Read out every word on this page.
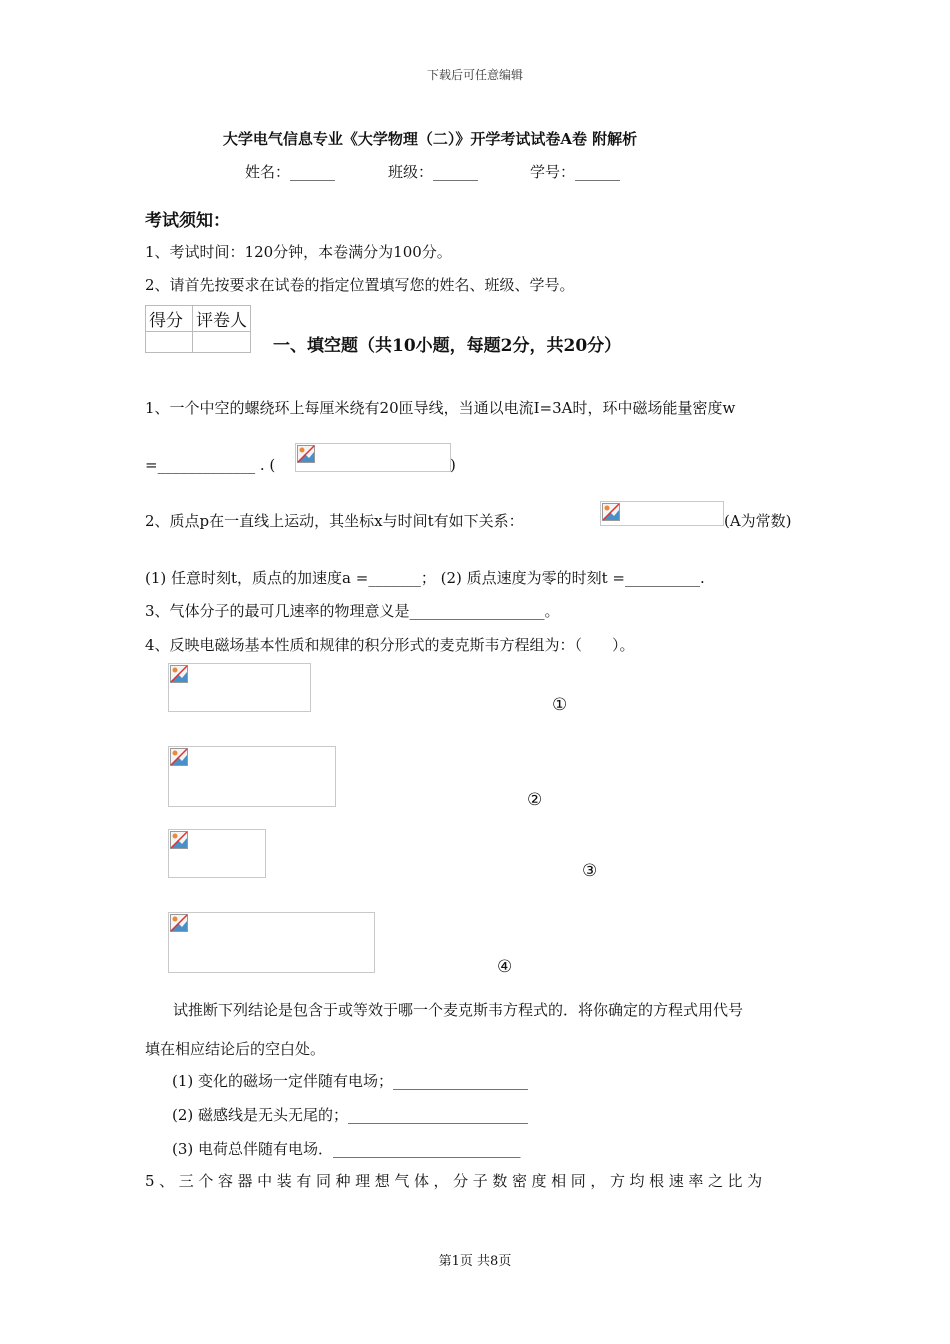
下载后可任意编辑
大学电气信息专业《大学物理（二）》开学考试试卷A卷 附解析
姓名：______	班级：______	学号：______
考试须知：
1、考试时间：120分钟，本卷满分为100分。
2、请首先按要求在试卷的指定位置填写您的姓名、班级、学号。
得分	评卷人

一、填空题（共10小题，每题2分，共20分）
1、一个中空的螺绕环上每厘米绕有20匝导线，当通以电流I=3A时，环中磁场能量密度w
=_____________ . (	)
2、质点p在一直线上运动，其坐标x与时间t有如下关系：	(A为常数)
(1) 任意时刻t，质点的加速度a =_______； (2) 质点速度为零的时刻t =__________.
3、气体分子的最可几速率的物理意义是__________________。
4、反映电磁场基本性质和规律的积分形式的麦克斯韦方程组为：（　　）。
①
②
③
④
试推断下列结论是包含于或等效于哪一个麦克斯韦方程式的．将你确定的方程式用代号
填在相应结论后的空白处。
(1) 变化的磁场一定伴随有电场；__________________
(2) 磁感线是无头无尾的；________________________
(3) 电荷总伴随有电场．_________________________
5、三个容器中装有同种理想气体，分子数密度相同，方均根速率之比为
第1页 共8页
